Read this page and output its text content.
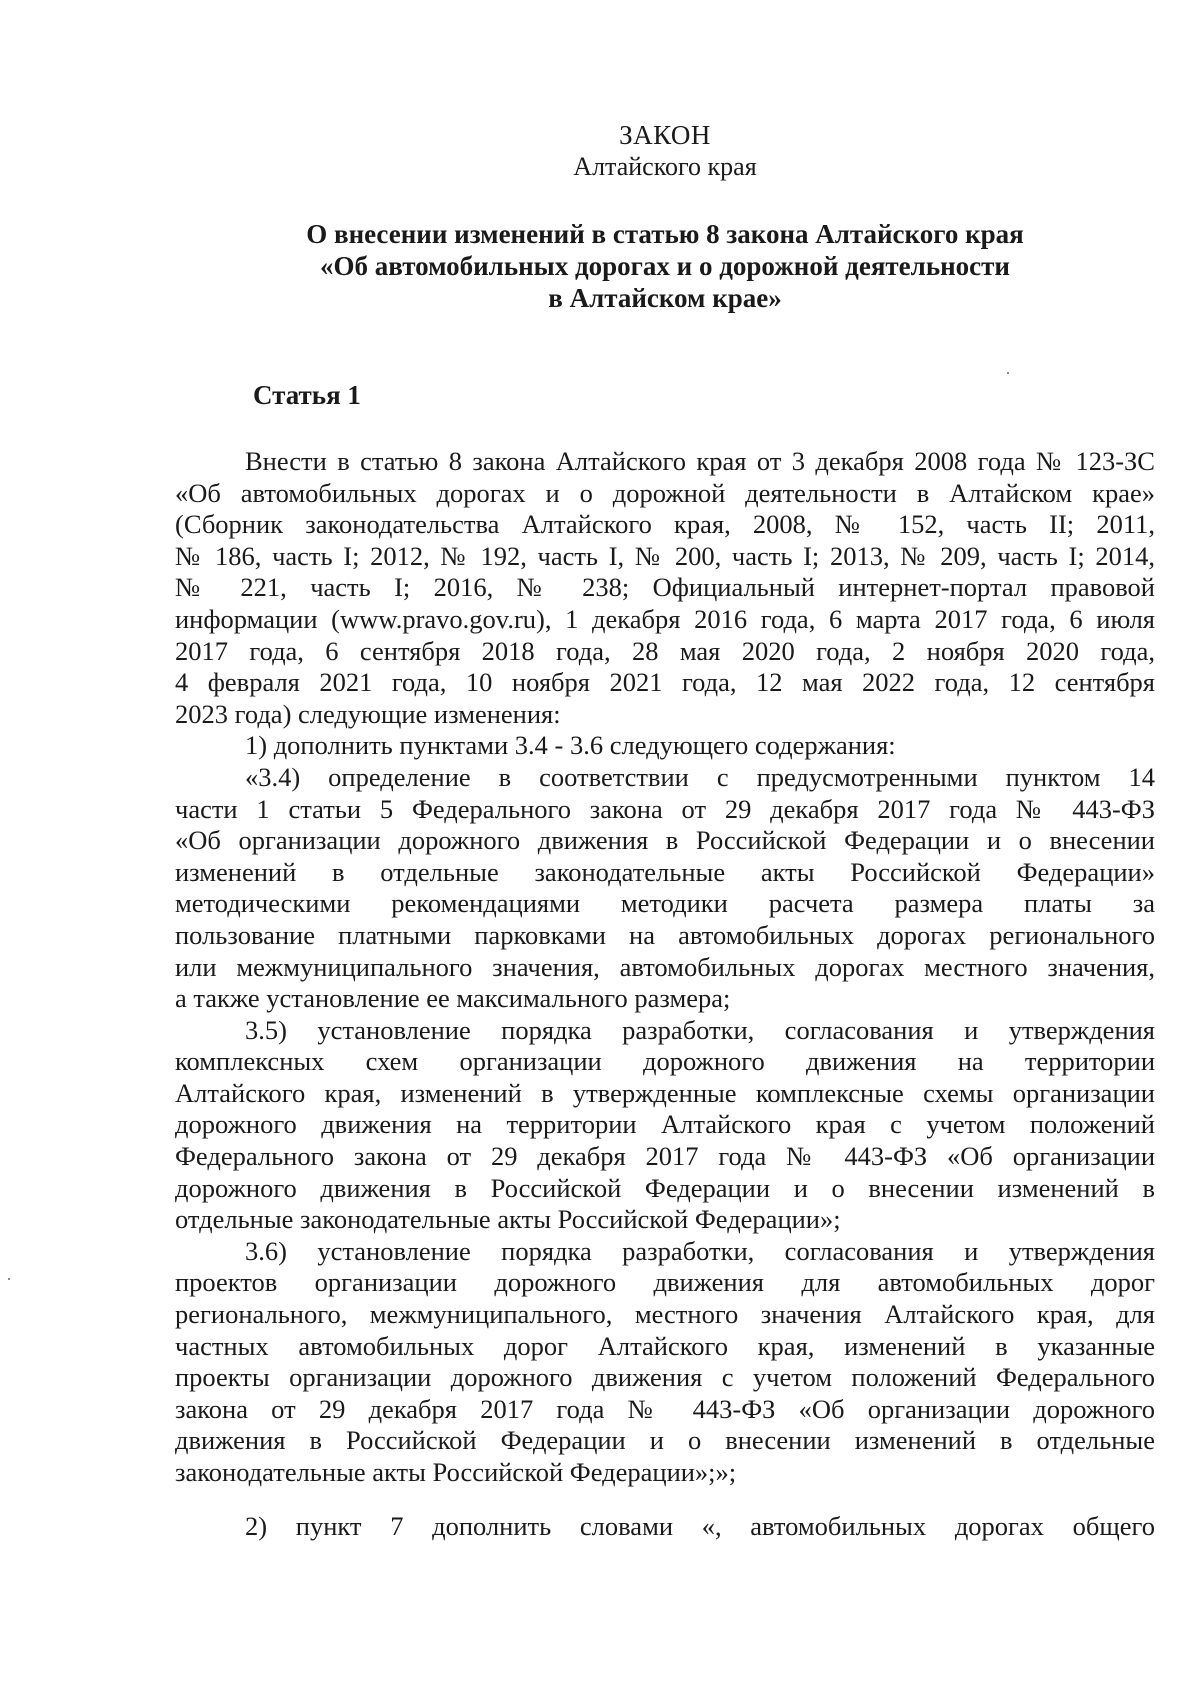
ЗАКОН
Алтайского края
О внесении изменений в статью 8 закона Алтайского края
«Об автомобильных дорогах и о дорожной деятельности
в Алтайском крае»
Статья 1
Внести в статью 8 закона Алтайского края от 3 декабря 2008 года № 123-ЗС
«Об автомобильных дорогах и о дорожной деятельности в Алтайском крае»
(Сборник законодательства Алтайского края, 2008, № 152, часть II; 2011,
№ 186, часть I; 2012, № 192, часть I, № 200, часть I; 2013, № 209, часть I; 2014,
№ 221, часть I; 2016, № 238; Официальный интернет-портал правовой
информации (www.pravo.gov.ru), 1 декабря 2016 года, 6 марта 2017 года, 6 июля
2017 года, 6 сентября 2018 года, 28 мая 2020 года, 2 ноября 2020 года,
4 февраля 2021 года, 10 ноября 2021 года, 12 мая 2022 года, 12 сентября
2023 года) следующие изменения:
1) дополнить пунктами 3.4 - 3.6 следующего содержания:
«3.4) определение в соответствии с предусмотренными пунктом 14
части 1 статьи 5 Федерального закона от 29 декабря 2017 года № 443-ФЗ
«Об организации дорожного движения в Российской Федерации и о внесении
изменений в отдельные законодательные акты Российской Федерации»
методическими рекомендациями методики расчета размера платы за
пользование платными парковками на автомобильных дорогах регионального
или межмуниципального значения, автомобильных дорогах местного значения,
а также установление ее максимального размера;
3.5) установление порядка разработки, согласования и утверждения
комплексных схем организации дорожного движения на территории
Алтайского края, изменений в утвержденные комплексные схемы организации
дорожного движения на территории Алтайского края с учетом положений
Федерального закона от 29 декабря 2017 года № 443-ФЗ «Об организации
дорожного движения в Российской Федерации и о внесении изменений в
отдельные законодательные акты Российской Федерации»;
3.6) установление порядка разработки, согласования и утверждения
проектов организации дорожного движения для автомобильных дорог
регионального, межмуниципального, местного значения Алтайского края, для
частных автомобильных дорог Алтайского края, изменений в указанные
проекты организации дорожного движения с учетом положений Федерального
закона от 29 декабря 2017 года № 443-ФЗ «Об организации дорожного
движения в Российской Федерации и о внесении изменений в отдельные
законодательные акты Российской Федерации»;»;
2) пункт 7 дополнить словами «, автомобильных дорогах общего
